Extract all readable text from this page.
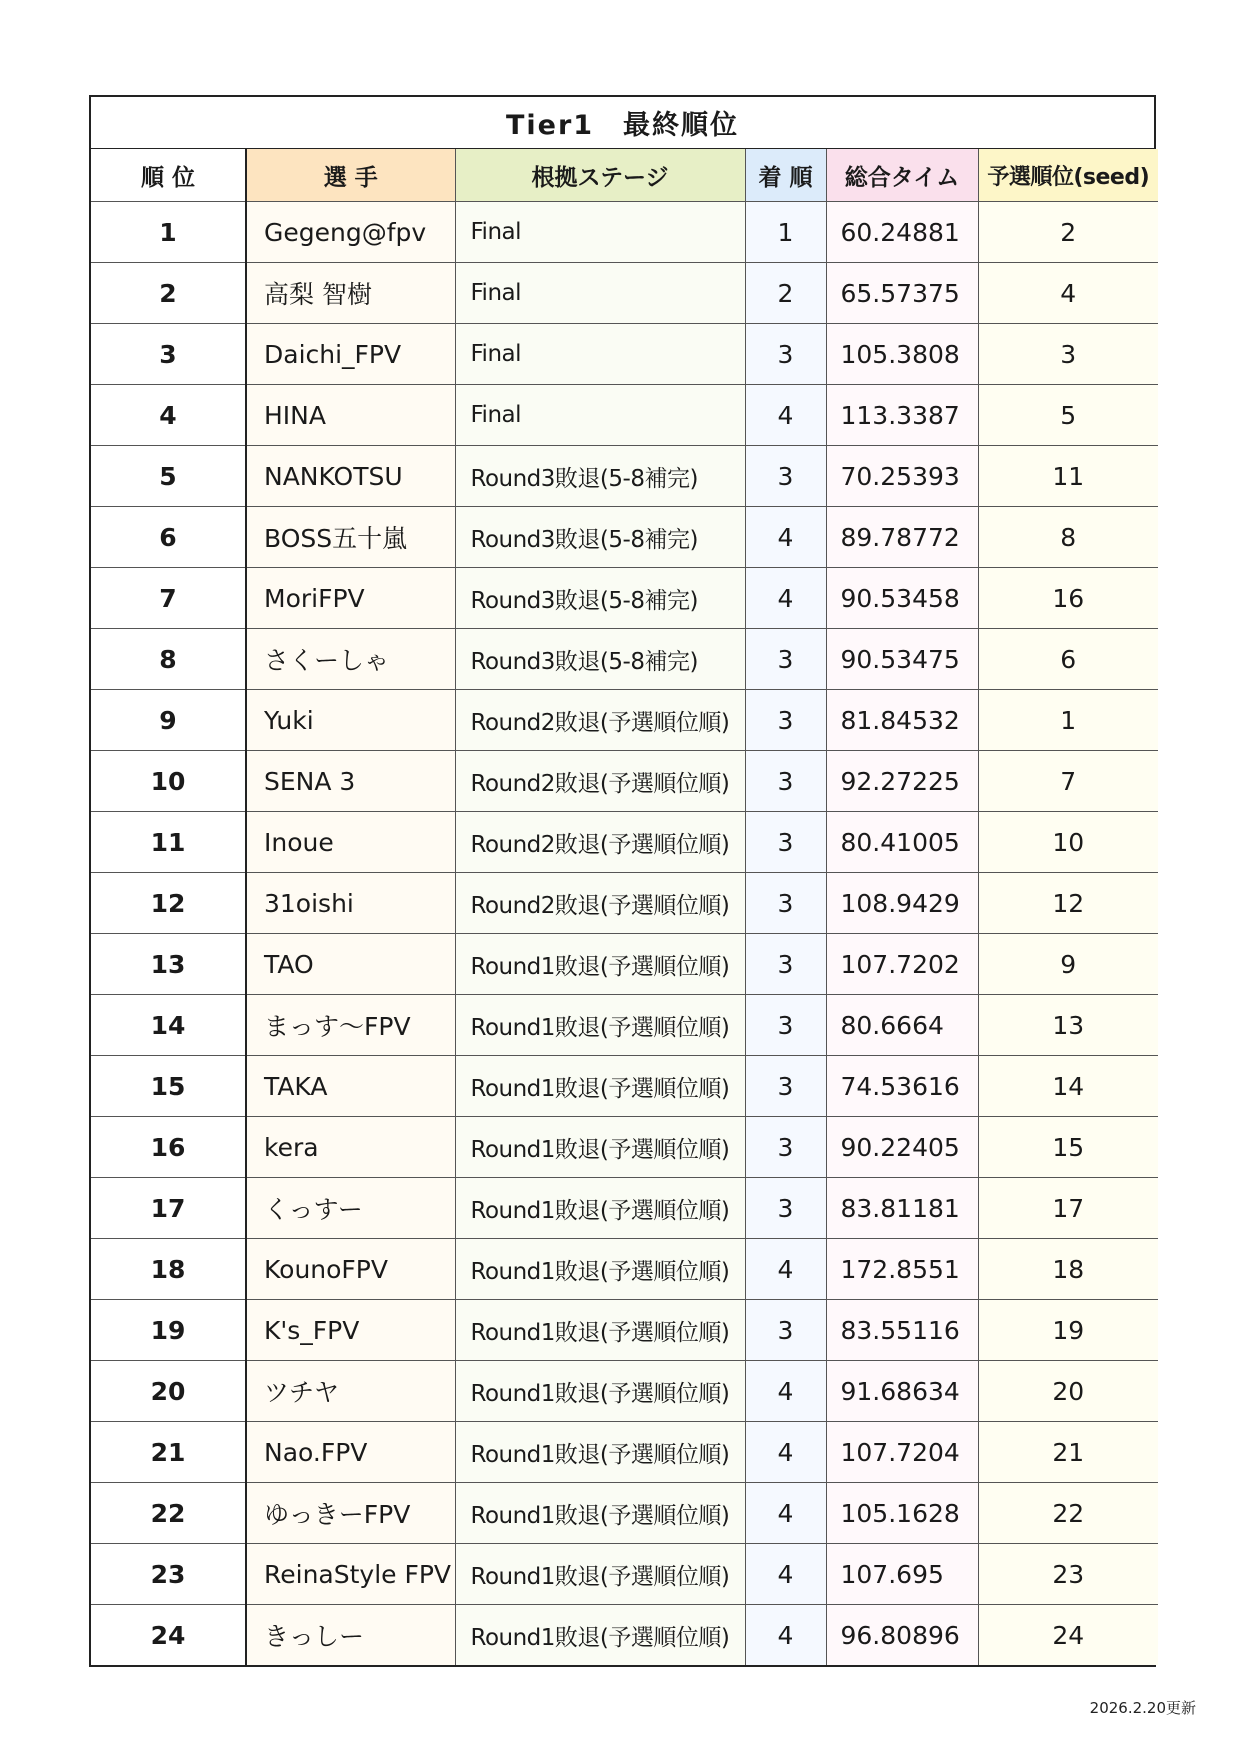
Tier1　最終順位
順 位	選 手	根拠ステージ	着 順	総合タイム	予選順位(seed)
1	Gegeng@fpv	Final	1	60.24881	2
2	高梨 智樹	Final	2	65.57375	4
3	Daichi_FPV	Final	3	105.3808	3
4	HINA	Final	4	113.3387	5
5	NANKOTSU	Round3敗退(5-8補完)	3	70.25393	11
6	BOSS五十嵐	Round3敗退(5-8補完)	4	89.78772	8
7	MoriFPV	Round3敗退(5-8補完)	4	90.53458	16
8	さくーしゃ	Round3敗退(5-8補完)	3	90.53475	6
9	Yuki	Round2敗退(予選順位順)	3	81.84532	1
10	SENA 3	Round2敗退(予選順位順)	3	92.27225	7
11	Inoue	Round2敗退(予選順位順)	3	80.41005	10
12	31oishi	Round2敗退(予選順位順)	3	108.9429	12
13	TAO	Round1敗退(予選順位順)	3	107.7202	9
14	まっす〜FPV	Round1敗退(予選順位順)	3	80.6664	13
15	TAKA	Round1敗退(予選順位順)	3	74.53616	14
16	kera	Round1敗退(予選順位順)	3	90.22405	15
17	くっすー	Round1敗退(予選順位順)	3	83.81181	17
18	KounoFPV	Round1敗退(予選順位順)	4	172.8551	18
19	K's_FPV	Round1敗退(予選順位順)	3	83.55116	19
20	ツチヤ	Round1敗退(予選順位順)	4	91.68634	20
21	Nao.FPV	Round1敗退(予選順位順)	4	107.7204	21
22	ゆっきーFPV	Round1敗退(予選順位順)	4	105.1628	22
23	ReinaStyle FPV	Round1敗退(予選順位順)	4	107.695	23
24	きっしー	Round1敗退(予選順位順)	4	96.80896	24
2026.2.20更新
